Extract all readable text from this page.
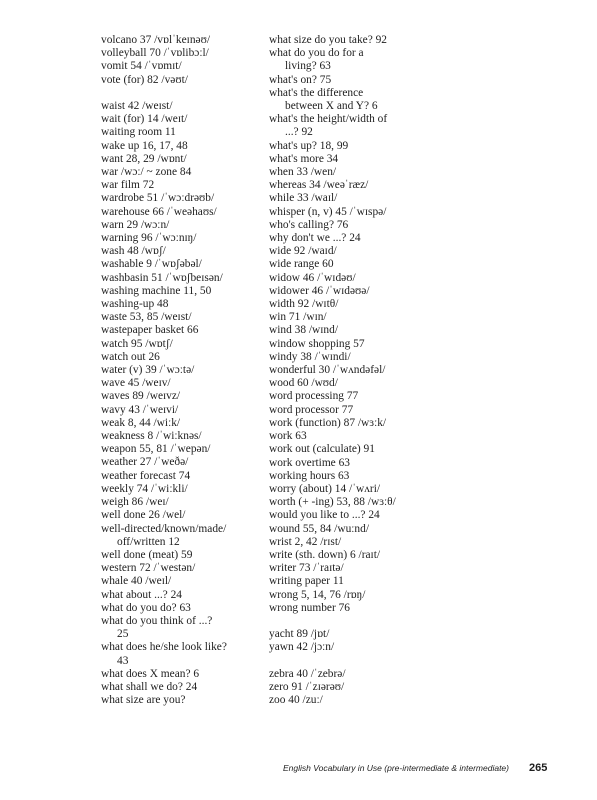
volcano 37 /vɒlˈkeɪnəʊ/
volleyball 70 /ˈvɒlibɔːl/
vomit 54 /ˈvɒmɪt/
vote (for) 82 /vəʊt/
waist 42 /weɪst/
wait (for) 14 /weɪt/
waiting room 11
wake up 16, 17, 48
want 28, 29 /wɒnt/
war /wɔː/ ~ zone 84
war film 72
wardrobe 51 /ˈwɔːdrəʊb/
warehouse 66 /ˈweəhaʊs/
warn 29 /wɔːn/
warning 96 /ˈwɔːnɪŋ/
wash 48 /wɒʃ/
washable 9 /ˈwɒʃəbəl/
washbasin 51 /ˈwɒʃbeɪsən/
washing machine 11, 50
washing-up 48
waste 53, 85 /weɪst/
wastepaper basket 66
watch 95 /wɒtʃ/
watch out 26
water (v) 39 /ˈwɔːtə/
wave 45 /weɪv/
waves 89 /weɪvz/
wavy 43 /ˈweɪvi/
weak 8, 44 /wiːk/
weakness 8 /ˈwiːknəs/
weapon 55, 81 /ˈwepən/
weather 27 /ˈweðə/
weather forecast 74
weekly 74 /ˈwiːkli/
weigh 86 /weɪ/
well done 26 /wel/
well-directed/known/made/
off/written 12
well done (meat) 59
western 72 /ˈwestən/
whale 40 /weɪl/
what about ...? 24
what do you do? 63
what do you think of ...?
25
what does he/she look like?
43
what does X mean? 6
what shall we do? 24
what size are you?
what size do you take? 92
what do you do for a
living? 63
what's on? 75
what's the difference
between X and Y? 6
what's the height/width of
...? 92
what's up? 18, 99
what's more 34
when 33 /wen/
whereas 34 /weəˈræz/
while 33 /waɪl/
whisper (n, v) 45 /ˈwɪspə/
who's calling? 76
why don't we ...? 24
wide 92 /waɪd/
wide range 60
widow 46 /ˈwɪdəʊ/
widower 46 /ˈwɪdəʊə/
width 92 /wɪtθ/
win 71 /wɪn/
wind 38 /wɪnd/
window shopping 57
windy 38 /ˈwɪndi/
wonderful 30 /ˈwʌndəfəl/
wood 60 /wʊd/
word processing 77
word processor 77
work (function) 87 /wɜːk/
work 63
work out (calculate) 91
work overtime 63
working hours 63
worry (about) 14 /ˈwʌri/
worth (+ -ing) 53, 88 /wɜːθ/
would you like to ...? 24
wound 55, 84 /wuːnd/
wrist 2, 42 /rɪst/
write (sth. down) 6 /raɪt/
writer 73 /ˈraɪtə/
writing paper 11
wrong 5, 14, 76 /rɒŋ/
wrong number 76
yacht 89 /jɒt/
yawn 42 /jɔːn/
zebra 40 /ˈzebrə/
zero 91 /ˈzɪərəʊ/
zoo 40 /zuː/
English Vocabulary in Use (pre-intermediate & intermediate) 265
